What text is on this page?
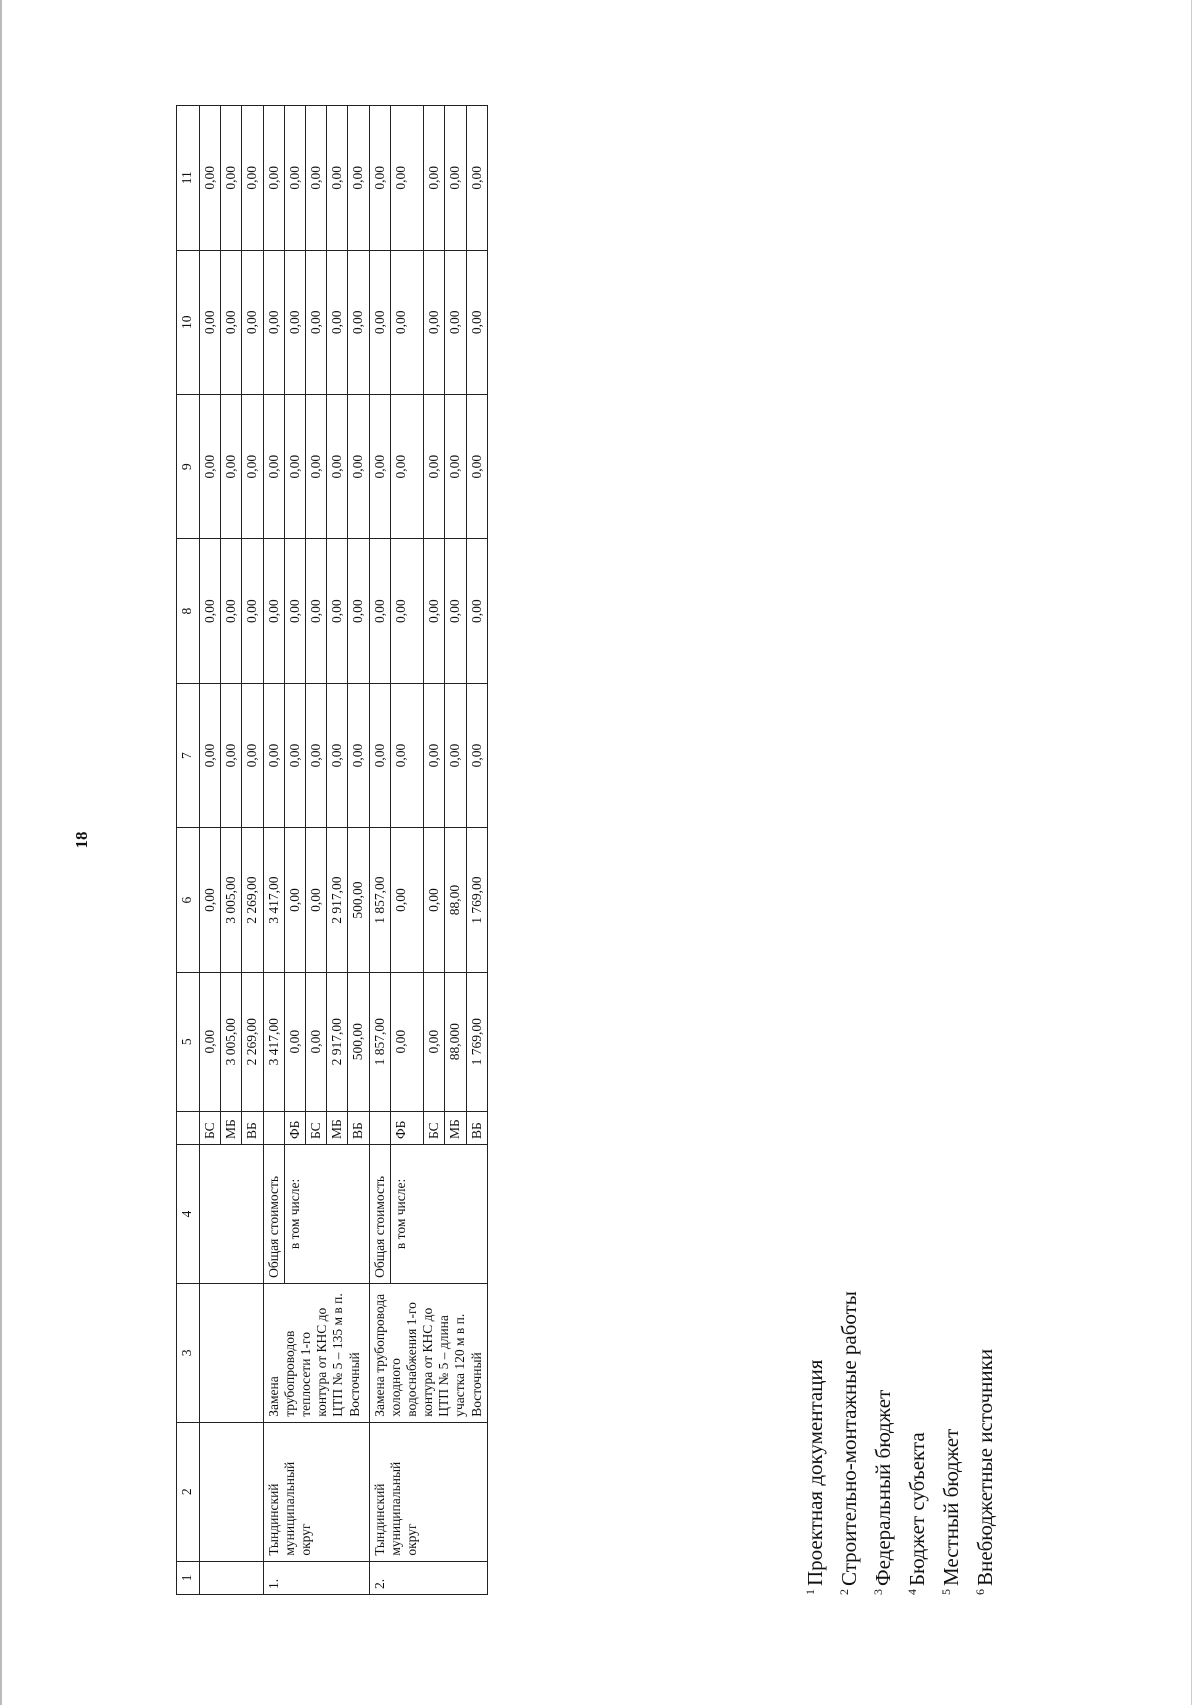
18
1	2	3	4		5	6	7	8	9	10	11
				БС	0,00	0,00	0,00	0,00	0,00	0,00	0,00
				МБ	3 005,00	3 005,00	0,00	0,00	0,00	0,00	0,00
				ВБ	2 269,00	2 269,00	0,00	0,00	0,00	0,00	0,00
1.	Тындинский муниципальный округ	Замена трубопроводов теплосети 1-го контура от КНС до ЦТП № 5 – 135 м в п. Восточный	Общая стоимость		3 417,00	3 417,00	0,00	0,00	0,00	0,00	0,00
			в том числе:	ФБ	0,00	0,00	0,00	0,00	0,00	0,00	0,00
				БС	0,00	0,00	0,00	0,00	0,00	0,00	0,00
				МБ	2 917,00	2 917,00	0,00	0,00	0,00	0,00	0,00
				ВБ	500,00	500,00	0,00	0,00	0,00	0,00	0,00
2.	Тындинский муниципальный округ	Замена трубопровода холодного водоснабжения 1-го контура от КНС до ЦТП № 5 – длина участка 120 м в п. Восточный	Общая стоимость		1 857,00	1 857,00	0,00	0,00	0,00	0,00	0,00
			в том числе:	ФБ	0,00	0,00	0,00	0,00	0,00	0,00	0,00
				БС	0,00	0,00	0,00	0,00	0,00	0,00	0,00
				МБ	88,000	88,00	0,00	0,00	0,00	0,00	0,00
				ВБ	1 769,00	1 769,00	0,00	0,00	0,00	0,00	0,00
$^1$Проектная документация
$^2$Строительно-монтажные работы
$^3$Федеральный бюджет
$^4$Бюджет субъекта
$^5$Местный бюджет
$^6$Внебюджетные источники
